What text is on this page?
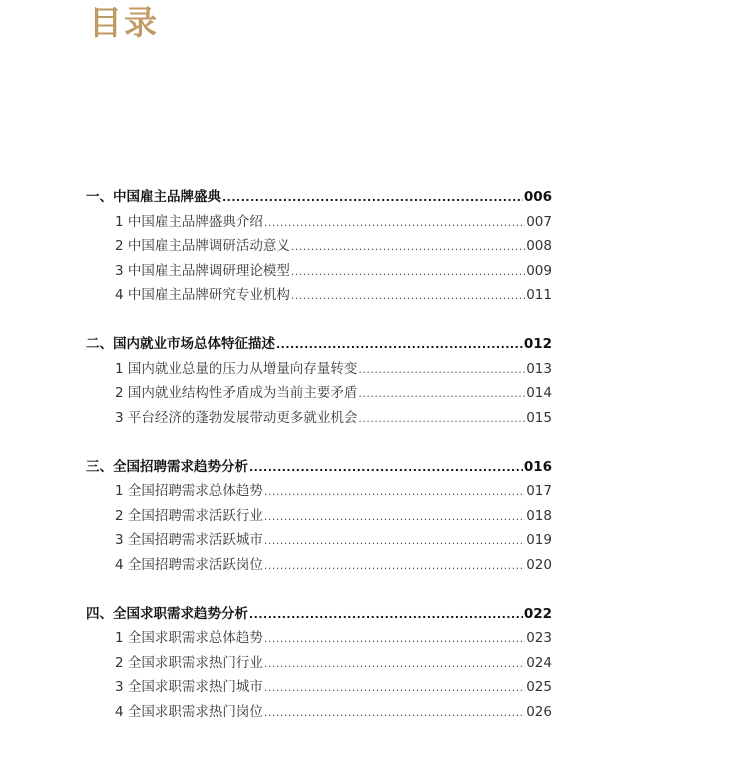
目录
一、中国雇主品牌盛典 .....	006
1 中国雇主品牌盛典介绍 .....	007
2 中国雇主品牌调研活动意义 .....	008
3 中国雇主品牌调研理论模型 .....	009
4 中国雇主品牌研究专业机构 .....	011
二、国内就业市场总体特征描述 .....	012
1 国内就业总量的压力从增量向存量转变 .....	013
2 国内就业结构性矛盾成为当前主要矛盾 .....	014
3 平台经济的蓬勃发展带动更多就业机会 .....	015
三、全国招聘需求趋势分析 .....	016
1 全国招聘需求总体趋势 .....	017
2 全国招聘需求活跃行业 .....	018
3 全国招聘需求活跃城市 .....	019
4 全国招聘需求活跃岗位 .....	020
四、全国求职需求趋势分析 .....	022
1 全国求职需求总体趋势 .....	023
2 全国求职需求热门行业 .....	024
3 全国求职需求热门城市 .....	025
4 全国求职需求热门岗位 .....	026
